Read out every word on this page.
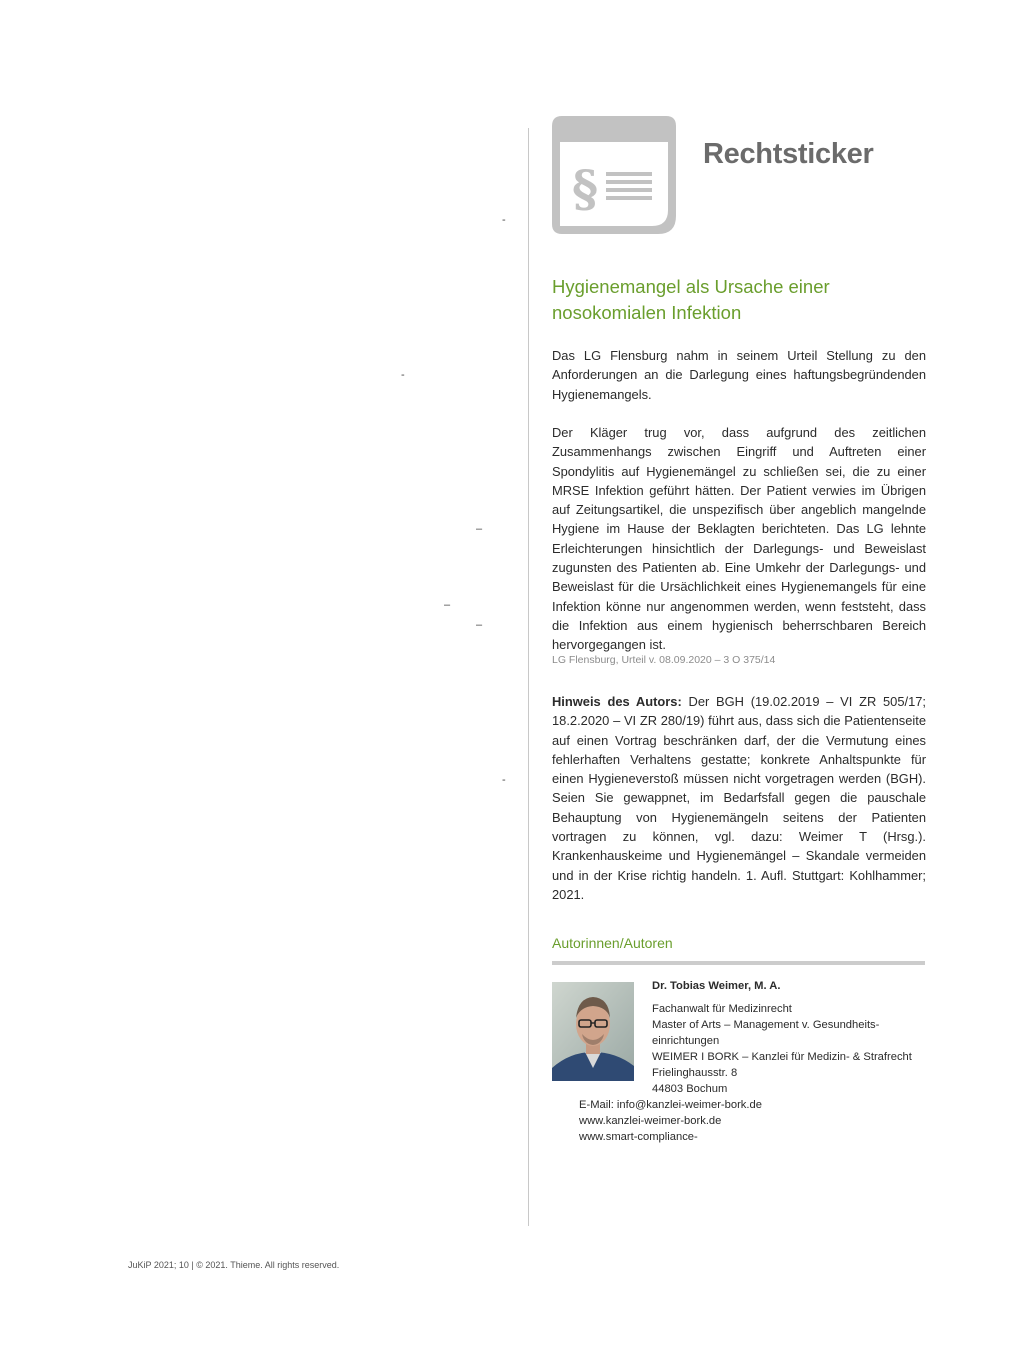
-
-
–
–
–
-
§
Rechtsticker
Hygienemangel als Ursache einer
nosokomialen Infektion

Das LG Flensburg nahm in seinem Urteil Stellung zu den Anforderungen an die Darlegung eines haftungsbegründenden Hygienemangels.

Der Kläger trug vor, dass aufgrund des zeitlichen Zusammenhangs zwischen Eingriff und Auftreten einer Spondylitis auf Hygienemängel zu schließen sei, die zu einer MRSE Infektion geführt hätten. Der Patient verwies im Übrigen auf Zeitungsartikel, die unspezifisch über angeblich mangelnde Hygiene im Hause der Beklagten berichteten. Das LG lehnte Erleichterungen hinsichtlich der Darlegungs- und Beweislast zugunsten des Patienten ab. Eine Umkehr der Darlegungs- und Beweislast für die Ursächlichkeit eines Hygienemangels für eine Infektion könne nur angenommen werden, wenn feststeht, dass die Infektion aus einem hygienisch beherrschbaren Bereich hervorgegangen ist.

LG Flensburg, Urteil v. 08.09.2020 – 3 O 375/14

Hinweis des Autors: Der BGH (19.02.2019 – VI ZR 505/17; 18.2.2020 – VI ZR 280/19) führt aus, dass sich die Patientenseite auf einen Vortrag beschränken darf, der die Vermutung eines fehlerhaften Verhaltens gestatte; konkrete Anhaltspunkte für einen Hygieneverstoß müssen nicht vorgetragen werden (BGH). Seien Sie gewappnet, im Bedarfsfall gegen die pauschale Behauptung von Hygienemängeln seitens der Patienten vortragen zu können, vgl. dazu: Weimer T (Hrsg.). Krankenhauskeime und Hygienemängel – Skandale vermeiden und in der Krise richtig handeln. 1. Aufl. Stuttgart: Kohlhammer; 2021.

Autorinnen/Autoren

Dr. Tobias Weimer, M. A.

Fachanwalt für Medizinrecht
Master of Arts – Management v. Gesundheits-
einrichtungen
WEIMER I BORK – Kanzlei für Medizin- & Strafrecht
Frielinghausstr. 8
44803 Bochum
E-Mail: info@kanzlei-weimer-bork.de
www.kanzlei-weimer-bork.de
www.smart-compliance-

JuKiP 2021; 10 | © 2021. Thieme. All rights reserved.
